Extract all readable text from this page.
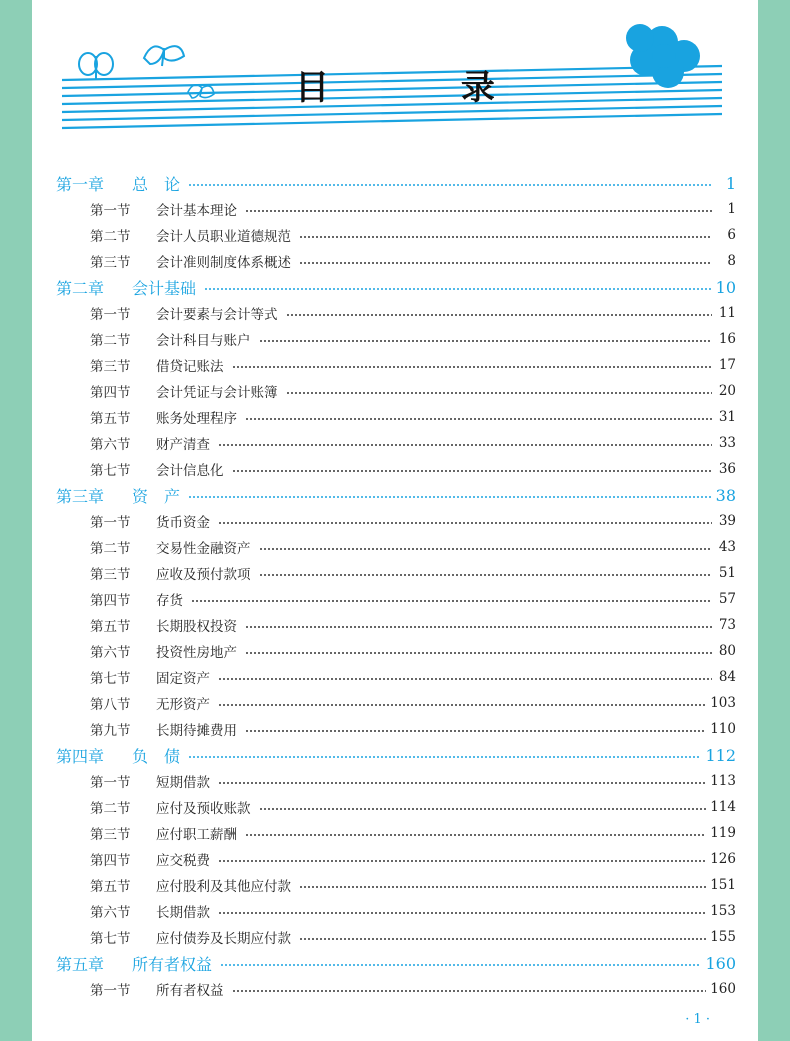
目 录
第一章	总　论	1
第一节	会计基本理论	1
第二节	会计人员职业道德规范	6
第三节	会计准则制度体系概述	8
第二章	会计基础	10
第一节	会计要素与会计等式	11
第二节	会计科目与账户	16
第三节	借贷记账法	17
第四节	会计凭证与会计账簿	20
第五节	账务处理程序	31
第六节	财产清查	33
第七节	会计信息化	36
第三章	资　产	38
第一节	货币资金	39
第二节	交易性金融资产	43
第三节	应收及预付款项	51
第四节	存货	57
第五节	长期股权投资	73
第六节	投资性房地产	80
第七节	固定资产	84
第八节	无形资产	103
第九节	长期待摊费用	110
第四章	负　债	112
第一节	短期借款	113
第二节	应付及预收账款	114
第三节	应付职工薪酬	119
第四节	应交税费	126
第五节	应付股利及其他应付款	151
第六节	长期借款	153
第七节	应付债券及长期应付款	155
第五章	所有者权益	160
第一节	所有者权益	160
· 1 ·
